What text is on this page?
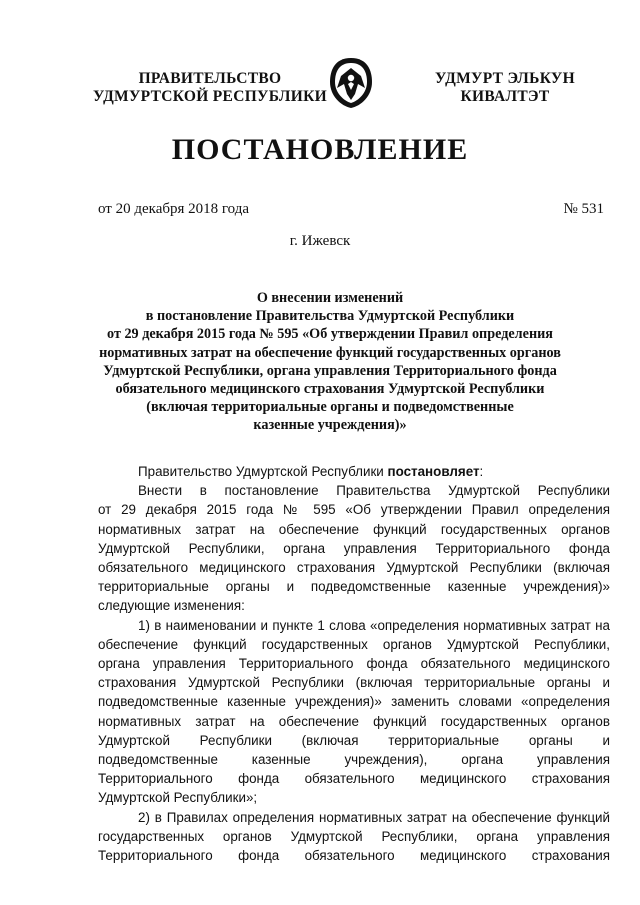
ПРАВИТЕЛЬСТВО
УДМУРТСКОЙ РЕСПУБЛИКИ
УДМУРТ ЭЛЬКУН
КИВАЛТЭТ
ПОСТАНОВЛЕНИЕ
от 20 декабря 2018 года	№ 531
г. Ижевск
О внесении изменений
в постановление Правительства Удмуртской Республики
от 29 декабря 2015 года № 595 «Об утверждении Правил определения
нормативных затрат на обеспечение функций государственных органов
Удмуртской Республики, органа управления Территориального фонда
обязательного медицинского страхования Удмуртской Республики
(включая территориальные органы и подведомственные
казенные учреждения)»
Правительство Удмуртской Республики постановляет:
Внести в постановление Правительства Удмуртской Республики
от 29 декабря 2015 года № 595 «Об утверждении Правил определения
нормативных затрат на обеспечение функций государственных органов
Удмуртской Республики, органа управления Территориального фонда
обязательного медицинского страхования Удмуртской Республики (включая
территориальные органы и подведомственные казенные учреждения)»
следующие изменения:
1) в наименовании и пункте 1 слова «определения нормативных затрат на
обеспечение функций государственных органов Удмуртской Республики,
органа управления Территориального фонда обязательного медицинского
страхования Удмуртской Республики (включая территориальные органы и
подведомственные казенные учреждения)» заменить словами «определения
нормативных затрат на обеспечение функций государственных органов
Удмуртской Республики (включая территориальные органы и
подведомственные казенные учреждения), органа управления
Территориального фонда обязательного медицинского страхования
Удмуртской Республики»;
2) в Правилах определения нормативных затрат на обеспечение функций
государственных органов Удмуртской Республики, органа управления
Территориального фонда обязательного медицинского страхования
